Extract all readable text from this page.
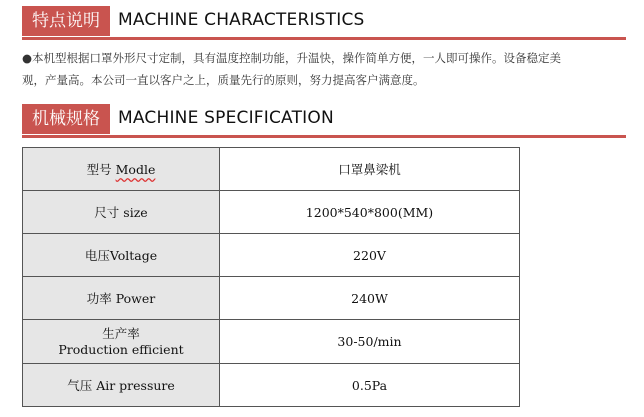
特点说明	MACHINE CHARACTERISTICS
●本机型根据口罩外形尺寸定制，具有温度控制功能，升温快，操作简单方便，一人即可操作。设备稳定美观，产量高。本公司一直以客户之上，质量先行的原则，努力提高客户满意度。
机械规格	MACHINE SPECIFICATION
型号 Modle	口罩鼻梁机
尺寸 size	1200*540*800(MM)
电压Voltage	220V
功率 Power	240W

生产率
Production efficient	30-50/min
气压 Air pressure	0.5Pa
